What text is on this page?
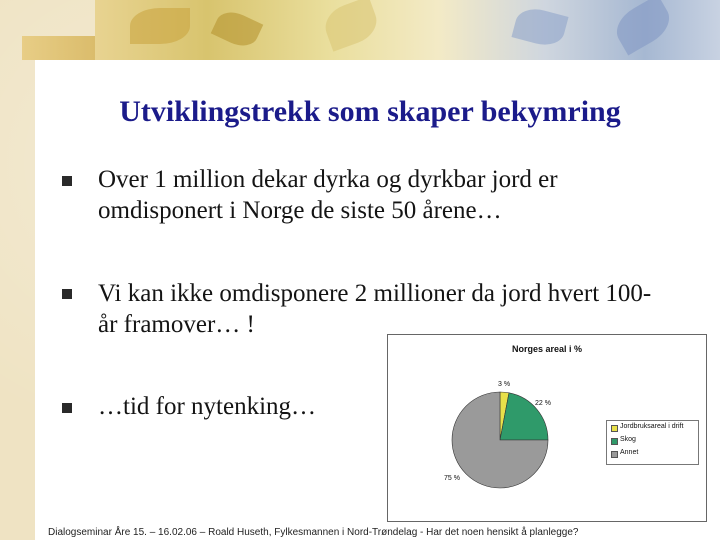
Utviklingstrekk som skaper bekymring
Over 1 million dekar dyrka og dyrkbar jord er omdisponert i Norge de siste 50 årene…
Vi kan ikke omdisponere 2 millioner da jord hvert 100-år framover… !
…tid for nytenking…
Norges areal i %
3 %
22 %
75 %
Jordbruksareal i drift
Skog
Annet
Dialogseminar Åre 15. – 16.02.06 – Roald Huseth, Fylkesmannen i Nord-Trøndelag - Har det noen hensikt å planlegge?
